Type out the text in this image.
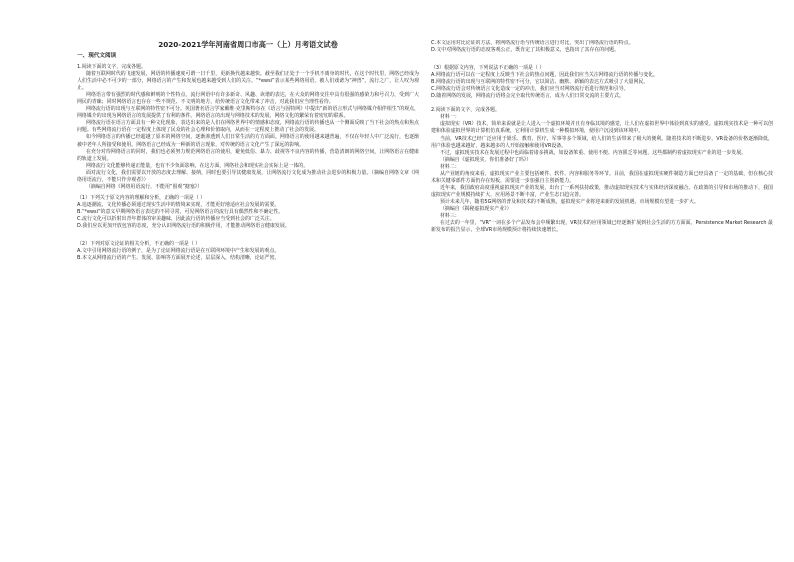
2020-2021学年河南省周口市高一（上）月考语文试卷
一、现代文阅读

1.阅读下面的文字，完成各题。

随着互联网时代的飞速发展，网语的传播速度可谓一日千里，更新换代越来越快。截至我们正处于一个手机不离身的时代，在这个时代里，网络已经成为人们生活中必不可少的一部分，网络语言的产生和发展也越来越受到人们的关注。“*ewsi”表示某些网络用语，被人们戏谑为“神兽”，流行之广，让人叹为观止。

网络语言带有强烈的时代感和鲜明的个性特点，流行网语中有许多新奇、风趣、诙谐的表达，在大众的网络交往中具有很强的感染力和号召力，受到广大网民的青睐；同时网络语言也存在一些不规范、不文明的地方，给传统语言文化带来了冲击，对此我们应当理性看待。

网络流行语的出现与互联网的特性密不可分。英国著名语言学家戴维·克里斯特尔在《语言与因特网》中提出“新的语言形式与网络媒介相伴相生”的观点，网络媒介的出现为网络语言的发展提供了有利的条件。网络语言的出现与网络技术的发展、网络文化的繁荣有着密切的联系。

网络流行语在语言方面具有一种文化现象，表达出来的是人们在网络世界中的情感和态度，网络流行语的传播也从一个侧面反映了当下社会的热点和焦点问题。有些网络流行语在一定程度上体现了民众的社会心理和价值取向，从而在一定程度上推动了社会的发展。

如今网络语言的传播已经超越了原本的网络空间，逐渐渗透到人们日常生活的方方面面。网络语言的使用越来越普遍，不仅在年轻人中广泛流行，也逐渐被中老年人所接受和使用。网络语言已经成为一种新的语言现象，对传统的语言文化产生了深远的影响。

在充分对待网络语言的同时，我们也必须努力规范网络语言的使用，避免低俗、暴力、歧视等不良内容的传播，营造清朗的网络空间，让网络语言在健康的轨道上发展。

网络流行文化能够传递正能量，也有不少负面影响，在这方面，网络社会和现实社会实际上是一体的。

面对流行文化，我们需要以开放的态度去理解、接纳，同时也要引导其健康发展，让网络流行文化成为推动社会进步的积极力量。（摘编自网络文章《网络用语流行，不能只作旁观者》）

（摘编自网络《网络用语流行，不能用“围观”搪塞》）

（1）下列关于原文内容的理解和分析，正确的一项是（ ）

A.追逐潮流，文化传播必须通过现实生活中的情境来实现，才能更好地适应社会发展的需要。

B.“*ewsi”的意义早期网络语言表达的不同寻常，可见网络语言的流行具有偶然性和不确定性。

C.流行文化可以折射出青年群体的审美趣味，因此流行语的传播应当受到社会的广泛关注。

D.我们应以更加开放包容的态度，充分认识网络流行语的积极作用，才能推动网络语言健康发展。

（2）下列对原文论证的相关分析，不正确的一项是（ ）

A.文中引用网络流行语的例子，是为了论证网络流行语是在互联网环境中产生和发展的观点。

B.本文从网络流行语的产生、发展、影响等方面展开论述，层层深入，结构清晰，论证严密。

C.本文运用对比论证的方法，将网络流行语与传统语言进行对比，突出了网络流行语的特点。

D.文中对网络流行语的态度客观公正，既肯定了其积极意义，也指出了其存在的问题。

（3）根据原文内容，下列说法不正确的一项是（ ）

A.网络流行语可以在一定程度上反映当下社会的热点问题，因此我们应当关注网络流行语的传播与变化。

B.网络流行语的出现与互联网的特性密不可分，它以简洁、幽默、新颖的表达方式吸引了大量网民。

C.网络流行语会对传统语言文化造成一定的冲击，我们应当对网络流行语进行规范和引导。

D.随着网络的发展，网络流行语将会完全取代传统语言，成为人们日常交流的主要方式。

2.阅读下面的文字，完成各题。

材料一：

虚拟现实（VR）技术，简单来说就是让人进入一个虚拟环境并且有身临其境的感觉，让人们在虚拟世界中体验到真实的感受。虚拟现实技术是一种可以创建和体验虚拟世界的计算机仿真系统，它利用计算机生成一种模拟环境，使用户沉浸到该环境中。

当前，VR技术已经广泛应用于娱乐、教育、医疗、军事等多个领域，给人们的生活带来了极大的便利。随着技术的不断进步，VR设备的价格逐渐降低，用户体验也越来越好，越来越多的人开始接触和使用VR设备。

不过，虚拟现实技术在发展过程中也面临着诸多挑战，如设备笨重、使用不便、内容匮乏等问题，这些都制约着虚拟现实产业的进一步发展。

（摘编自《虚拟现实，你们准备好了吗》）

材料二：

从产业链的角度来看，虚拟现实产业主要包括硬件、软件、内容和服务等环节。目前，我国在虚拟现实硬件制造方面已经具备了一定的基础，但在核心技术和关键零部件方面仍存在短板，需要进一步加强自主创新能力。

近年来，我国政府高度重视虚拟现实产业的发展，出台了一系列扶持政策，推动虚拟现实技术与实体经济深度融合。在政策的引导和市场的推动下，我国虚拟现实产业规模持续扩大，应用场景不断丰富，产业生态日趋完善。

预计未来几年，随着5G网络的普及和技术的不断成熟，虚拟现实产业将迎来新的发展机遇，市场规模有望进一步扩大。

（摘编自《揭秘虚拟现实产业》）

材料三：

在过去的一年里，“VR”一词在多个产品发布会中频繁出现，VR技术的应用领域已经逐渐扩展到社会生活的方方面面。Persistence Market Research 最新发布的报告显示，全球VR市场规模预计将持续快速增长。
